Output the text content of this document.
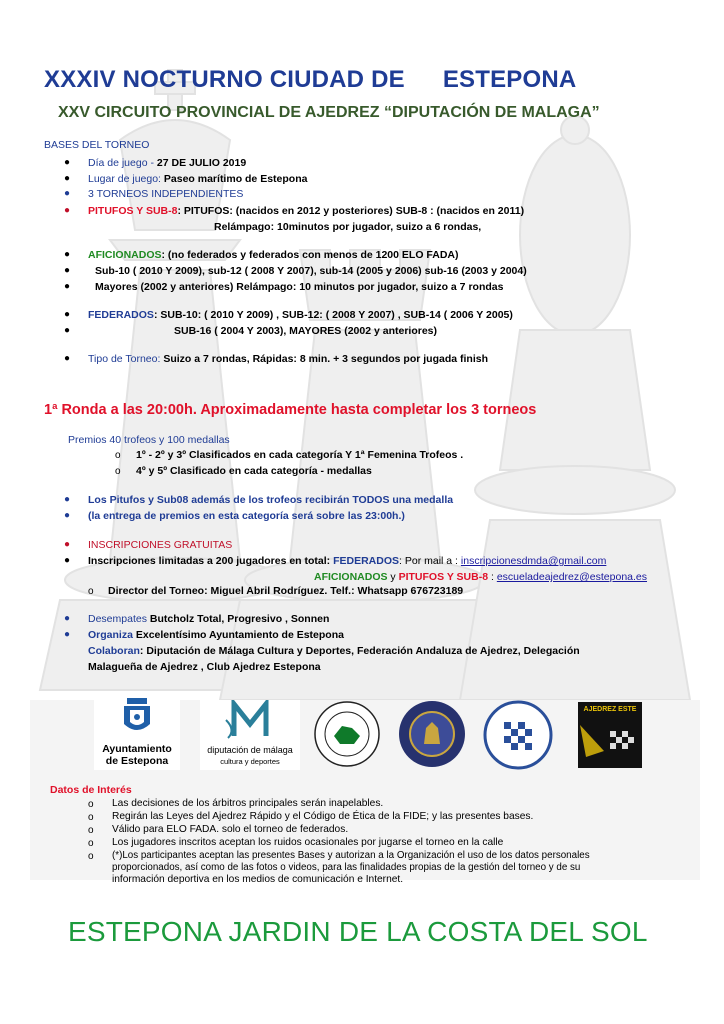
XXXIV NOCTURNO CIUDAD DE ESTEPONA
XXV CIRCUITO PROVINCIAL DE AJEDREZ “DIPUTACIÓN DE MALAGA”
BASES DEL TORNEO
● Día de juego - 27 DE JULIO 2019
● Lugar de juego: Paseo marítimo de Estepona
● 3 TORNEOS INDEPENDIENTES
● PITUFOS Y SUB-8: PITUFOS: (nacidos en 2012 y posteriores) SUB-8 : (nacidos en 2011)
Relámpago: 10minutos por jugador, suizo a 6 rondas,
● AFICIONADOS: (no federados y federados con menos de 1200 ELO FADA)
● Sub-10 ( 2010 Y 2009), sub-12 ( 2008 Y 2007), sub-14 (2005 y 2006) sub-16 (2003 y 2004)
● Mayores (2002 y anteriores) Relámpago: 10 minutos por jugador, suizo a 7 rondas
● FEDERADOS: SUB-10: ( 2010 Y 2009) , SUB-12: ( 2008 Y 2007) , SUB-14 ( 2006 Y 2005)
●	SUB-16 ( 2004 Y 2003), MAYORES (2002 y anteriores)
● Tipo de Torneo: Suizo a 7 rondas, Rápidas: 8 min. + 3 segundos por jugada finish
1ª Ronda a las 20:00h. Aproximadamente hasta completar los 3 torneos
Premios 40 trofeos y 100 medallas
o 1º - 2º y 3º Clasificados en cada categoría Y 1ª Femenina Trofeos .
o 4º y 5º Clasificado en cada categoría - medallas
● Los Pitufos y Sub08 además de los trofeos recibirán TODOS una medalla
● (la entrega de premios en esta categoría será sobre las 23:00h.)
● INSCRIPCIONES GRATUITAS
● Inscripciones limitadas a 200 jugadores en total: FEDERADOS: Por mail a : inscripcionesdmda@gmail.com
AFICIONADOS y PITUFOS Y SUB-8 : escueladeajedrez@estepona.es
o Director del Torneo: Miguel Abril Rodríguez. Telf.: Whatsapp 676723189
● Desempates Butcholz Total, Progresivo , Sonnen
● Organiza Excelentísimo Ayuntamiento de Estepona
Colaboran: Diputación de Málaga Cultura y Deportes, Federación Andaluza de Ajedrez, Delegación
Malagueña de Ajedrez , Club Ajedrez Estepona
Ayuntamiento
de Estepona
diputación de málaga
cultura y deportes
AJEDREZ ESTE
Datos de Interés
o Las decisiones de los árbitros principales serán inapelables.
o Regirán las Leyes del Ajedrez Rápido y el Código de Ética de la FIDE; y las presentes bases.
o Válido para ELO FADA. solo el torneo de federados.
o Los jugadores inscritos aceptan los ruidos ocasionales por jugarse el torneo en la calle
o (*)Los participantes aceptan las presentes Bases y autorizan a la Organización el uso de los datos personales
proporcionados, así como de las fotos o videos, para las finalidades propias de la gestión del torneo y de su
información deportiva en los medios de comunicación e Internet.
ESTEPONA JARDIN DE LA COSTA DEL SOL
